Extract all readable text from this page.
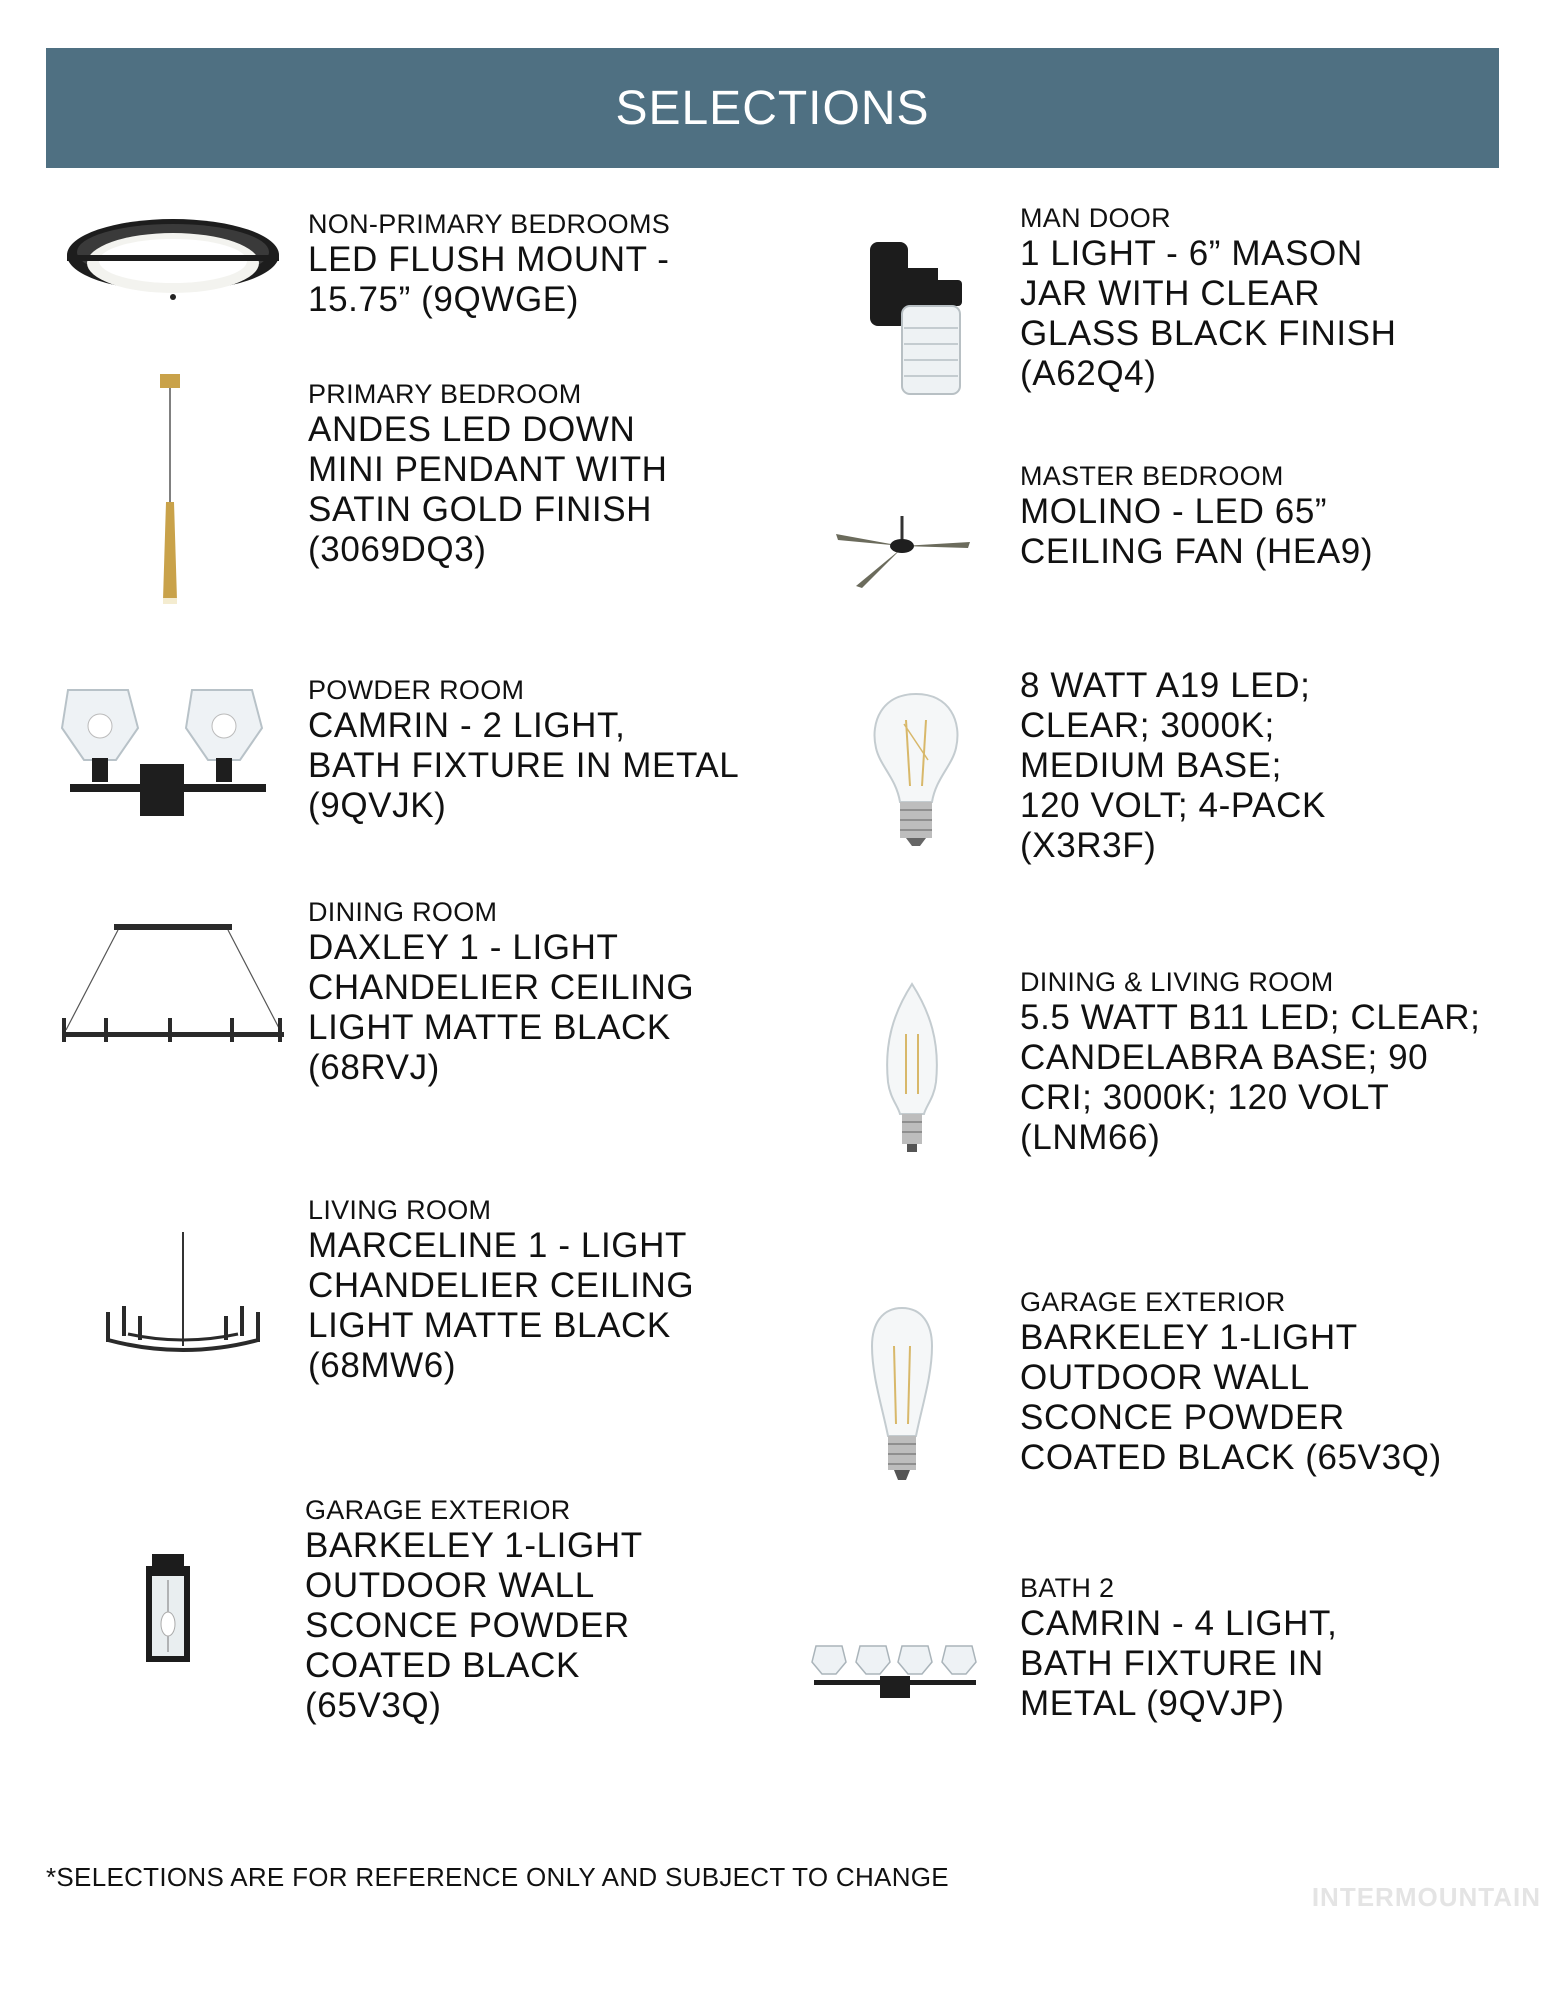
SELECTIONS
NON-PRIMARY BEDROOMS
LED FLUSH MOUNT -
15.75” (9QWGE)
PRIMARY BEDROOM
ANDES LED DOWN
MINI PENDANT WITH
SATIN GOLD FINISH
(3069DQ3)
POWDER ROOM
CAMRIN - 2 LIGHT,
BATH FIXTURE IN METAL
(9QVJK)
DINING ROOM
DAXLEY 1 - LIGHT
CHANDELIER CEILING
LIGHT MATTE BLACK
(68RVJ)
LIVING ROOM
MARCELINE 1 - LIGHT
CHANDELIER CEILING
LIGHT MATTE BLACK
(68MW6)
GARAGE EXTERIOR
BARKELEY 1-LIGHT
OUTDOOR WALL
SCONCE POWDER
COATED BLACK
(65V3Q)
MAN DOOR
1 LIGHT - 6” MASON
JAR WITH CLEAR
GLASS BLACK FINISH
(A62Q4)
MASTER BEDROOM
MOLINO - LED 65”
CEILING FAN (HEA9)
8 WATT A19 LED;
CLEAR; 3000K;
MEDIUM BASE;
120 VOLT; 4-PACK
(X3R3F)
DINING & LIVING ROOM
5.5 WATT B11 LED; CLEAR;
CANDELABRA BASE; 90
CRI; 3000K; 120 VOLT
(LNM66)
GARAGE EXTERIOR
BARKELEY 1-LIGHT
OUTDOOR WALL
SCONCE POWDER
COATED BLACK (65V3Q)
BATH 2
CAMRIN - 4 LIGHT,
BATH FIXTURE IN
METAL (9QVJP)
*SELECTIONS ARE FOR REFERENCE ONLY AND SUBJECT TO CHANGE
INTERMOUNTAIN
